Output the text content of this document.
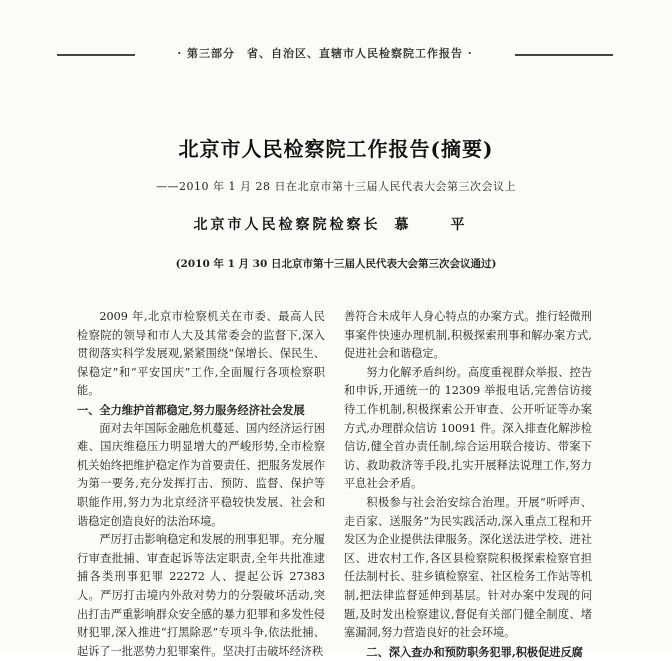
· 第三部分　省、自治区、直辖市人民检察院工作报告 ·
北京市人民检察院工作报告(摘要)
——2010 年 1 月 28 日在北京市第十三届人民代表大会第三次会议上
北京市人民检察院检察长 慕　平
(2010 年 1 月 30 日北京市第十三届人民代表大会第三次会议通过)

2009 年,北京市检察机关在市委、最高人民检察院的领导和市人大及其常委会的监督下,深入贯彻落实科学发展观,紧紧围绕“保增长、保民生、保稳定”和“平安国庆”工作,全面履行各项检察职能。

一、全力维护首都稳定,努力服务经济社会发展

面对去年国际金融危机蔓延、国内经济运行困难、国庆维稳压力明显增大的严峻形势,全市检察机关始终把维护稳定作为首要责任、把服务发展作为第一要务,充分发挥打击、预防、监督、保护等职能作用,努力为北京经济平稳较快发展、社会和谐稳定创造良好的法治环境。

严厉打击影响稳定和发展的刑事犯罪。充分履行审查批捕、审查起诉等法定职责,全年共批准逮捕各类刑事犯罪 22272 人、提起公诉 27383 人。严厉打击境内外敌对势力的分裂破坏活动,突出打击严重影响群众安全感的暴力犯罪和多发性侵财犯罪,深入推进“打黑除恶”专项斗争,依法批捕、起诉了一批恶势力犯罪案件。坚决打击破坏经济秩

善符合未成年人身心特点的办案方式。推行轻微刑事案件快速办理机制,积极探索刑事和解办案方式,促进社会和谐稳定。

努力化解矛盾纠纷。高度重视群众举报、控告和申诉,开通统一的 12309 举报电话,完善信访接待工作机制,积极探索公开审查、公开听证等办案方式,办理群众信访 10091 件。深入排查化解涉检信访,健全首办责任制,综合运用联合接访、带案下访、救助救济等手段,扎实开展释法说理工作,努力平息社会矛盾。

积极参与社会治安综合治理。开展“听呼声、走百家、送服务”为民实践活动,深入重点工程和开发区为企业提供法律服务。深化送法进学校、进社区、进农村工作,各区县检察院积极探索检察官担任法制村长、驻乡镇检察室、社区检务工作站等机制,把法律监督延伸到基层。针对办案中发现的问题,及时发出检察建议,督促有关部门健全制度、堵塞漏洞,努力营造良好的社会环境。

二、深入查办和预防职务犯罪,积极促进反腐
